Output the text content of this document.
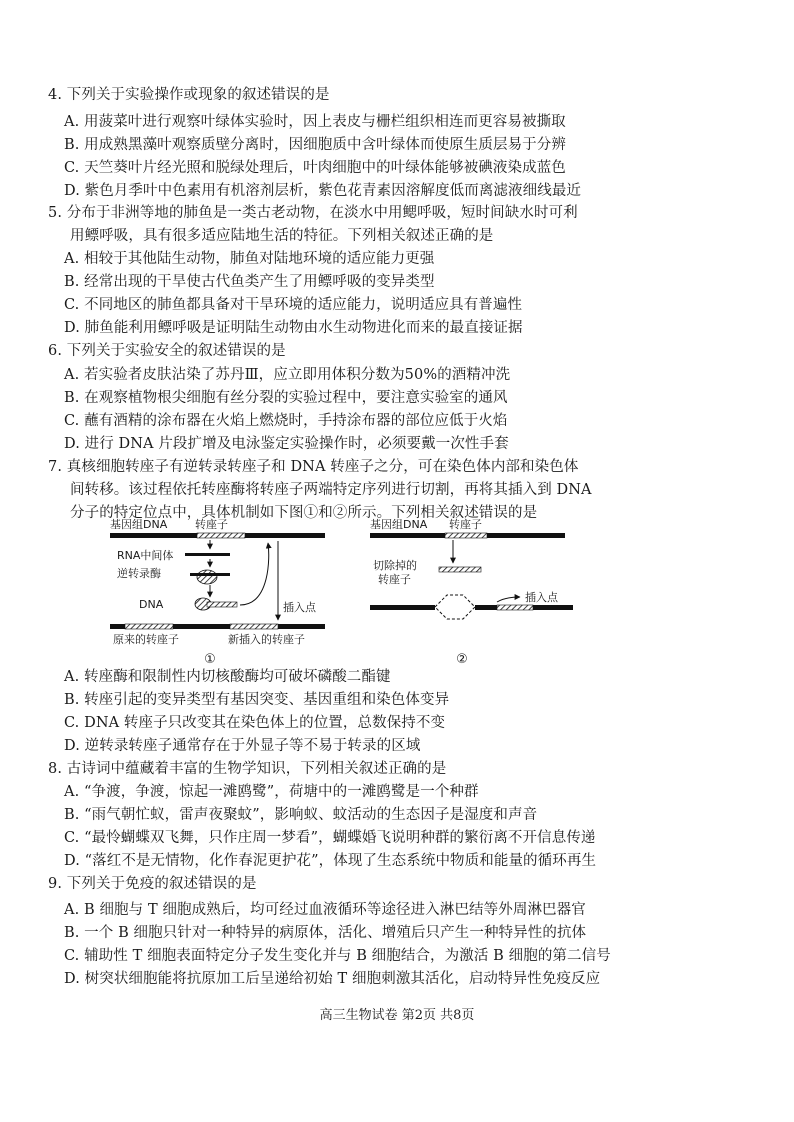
4. 下列关于实验操作或现象的叙述错误的是
A. 用菠菜叶进行观察叶绿体实验时，因上表皮与栅栏组织相连而更容易被撕取
B. 用成熟黑藻叶观察质壁分离时，因细胞质中含叶绿体而使原生质层易于分辨
C. 天竺葵叶片经光照和脱绿处理后，叶肉细胞中的叶绿体能够被碘液染成蓝色
D. 紫色月季叶中色素用有机溶剂层析，紫色花青素因溶解度低而离滤液细线最近
5. 分布于非洲等地的肺鱼是一类古老动物，在淡水中用鳃呼吸，短时间缺水时可利
用鳔呼吸，具有很多适应陆地生活的特征。下列相关叙述正确的是
A. 相较于其他陆生动物，肺鱼对陆地环境的适应能力更强
B. 经常出现的干旱使古代鱼类产生了用鳔呼吸的变异类型
C. 不同地区的肺鱼都具备对干旱环境的适应能力，说明适应具有普遍性
D. 肺鱼能利用鳔呼吸是证明陆生动物由水生动物进化而来的最直接证据
6. 下列关于实验安全的叙述错误的是
A. 若实验者皮肤沾染了苏丹Ⅲ，应立即用体积分数为50%的酒精冲洗
B. 在观察植物根尖细胞有丝分裂的实验过程中，要注意实验室的通风
C. 蘸有酒精的涂布器在火焰上燃烧时，手持涂布器的部位应低于火焰
D. 进行 DNA 片段扩增及电泳鉴定实验操作时，必须要戴一次性手套
7. 真核细胞转座子有逆转录转座子和 DNA 转座子之分，可在染色体内部和染色体
间转移。该过程依托转座酶将转座子两端特定序列进行切割，再将其插入到 DNA
分子的特定位点中，具体机制如下图①和②所示。下列相关叙述错误的是
基因组DNA	转座子
RNA中间体
逆转录酶
DNA	插入点
原来的转座子	新插入的转座子
①
基因组DNA 转座子
切除掉的
转座子
插入点
②
A. 转座酶和限制性内切核酸酶均可破坏磷酸二酯键
B. 转座引起的变异类型有基因突变、基因重组和染色体变异
C. DNA 转座子只改变其在染色体上的位置，总数保持不变
D. 逆转录转座子通常存在于外显子等不易于转录的区域
8. 古诗词中蕴藏着丰富的生物学知识，下列相关叙述正确的是
A. “争渡，争渡，惊起一滩鸥鹭”，荷塘中的一滩鸥鹭是一个种群
B. “雨气朝忙蚁，雷声夜聚蚊”，影响蚁、蚊活动的生态因子是湿度和声音
C. “最怜蝴蝶双飞舞，只作庄周一梦看”，蝴蝶婚飞说明种群的繁衍离不开信息传递
D. “落红不是无情物，化作春泥更护花”，体现了生态系统中物质和能量的循环再生
9. 下列关于免疫的叙述错误的是
A. B 细胞与 T 细胞成熟后，均可经过血液循环等途径进入淋巴结等外周淋巴器官
B. 一个 B 细胞只针对一种特异的病原体，活化、增殖后只产生一种特异性的抗体
C. 辅助性 T 细胞表面特定分子发生变化并与 B 细胞结合，为激活 B 细胞的第二信号
D. 树突状细胞能将抗原加工后呈递给初始 T 细胞刺激其活化，启动特异性免疫反应
高三生物试卷 第2页 共8页
